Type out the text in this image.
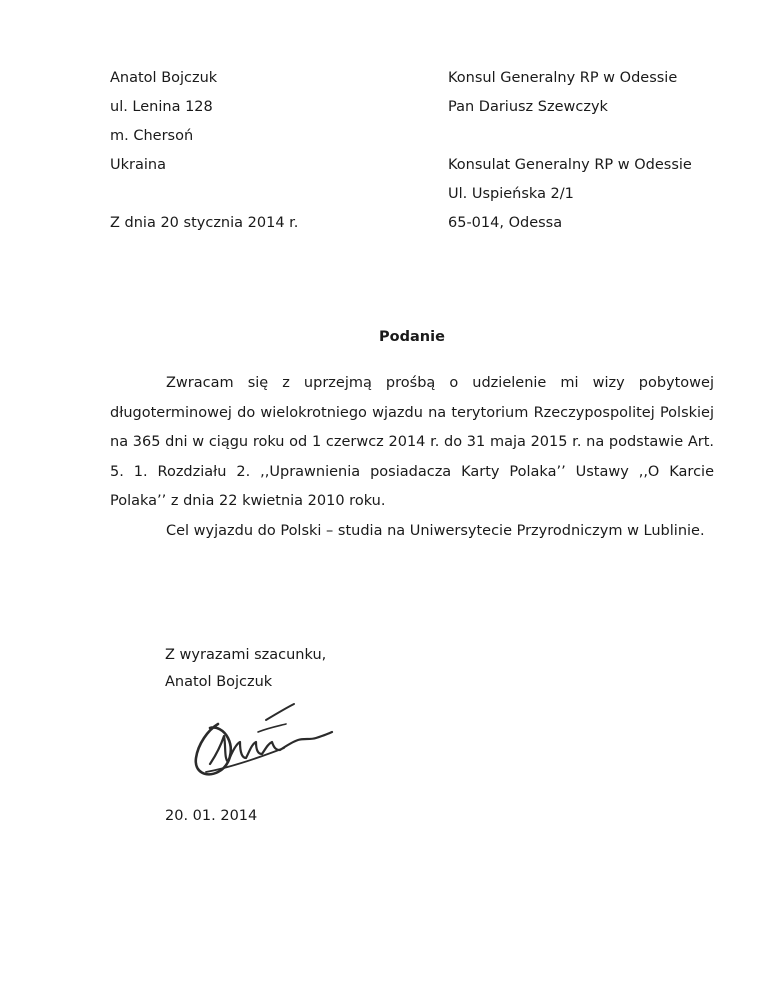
Anatol Bojczuk
ul. Lenina 128
m. Chersoń
Ukraina
Z dnia 20 stycznia 2014 r.
Konsul Generalny RP w Odessie
Pan Dariusz Szewczyk
Konsulat Generalny RP w Odessie
Ul. Uspieńska 2/1
65-014, Odessa
Podanie

Zwracam się z uprzejmą prośbą o udzielenie mi wizy pobytowej długoterminowej do wielokrotniego wjazdu na terytorium Rzeczypospolitej Polskiej na 365 dni w ciągu roku od 1 czerwcz 2014 r. do 31 maja 2015 r. na podstawie Art. 5. 1. Rozdziału 2. ,,Uprawnienia posiadacza Karty Polaka’’ Ustawy ,,O Karcie Polaka’’ z dnia 22 kwietnia 2010 roku.

Cel wyjazdu do Polski – studia na Uniwersytecie Przyrodniczym w Lublinie.

Z wyrazami szacunku,
Anatol Bojczuk
20. 01. 2014
